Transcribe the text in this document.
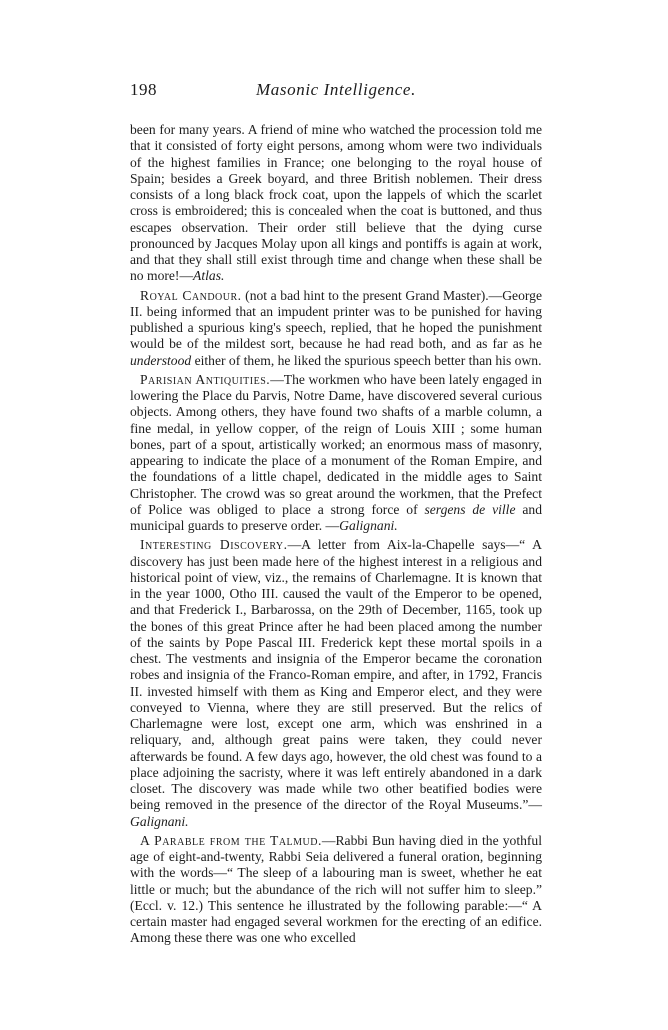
198	Masonic Intelligence.

been for many years. A friend of mine who watched the procession told me that it consisted of forty eight persons, among whom were two individuals of the highest families in France; one belonging to the royal house of Spain; besides a Greek boyard, and three British noblemen. Their dress consists of a long black frock coat, upon the lappels of which the scarlet cross is embroidered; this is concealed when the coat is buttoned, and thus escapes observation. Their order still believe that the dying curse pronounced by Jacques Molay upon all kings and pontiffs is again at work, and that they shall still exist through time and change when these shall be no more!—Atlas.

Royal Candour. (not a bad hint to the present Grand Master).—George II. being informed that an impudent printer was to be punished for having published a spurious king's speech, replied, that he hoped the punishment would be of the mildest sort, because he had read both, and as far as he understood either of them, he liked the spurious speech better than his own.

Parisian Antiquities.—The workmen who have been lately engaged in lowering the Place du Parvis, Notre Dame, have discovered several curious objects. Among others, they have found two shafts of a marble column, a fine medal, in yellow copper, of the reign of Louis XIII ; some human bones, part of a spout, artistically worked; an enormous mass of masonry, appearing to indicate the place of a monument of the Roman Empire, and the foundations of a little chapel, dedicated in the middle ages to Saint Christopher. The crowd was so great around the workmen, that the Prefect of Police was obliged to place a strong force of sergens de ville and municipal guards to preserve order. —Galignani.

Interesting Discovery.—A letter from Aix-la-Chapelle says—“ A discovery has just been made here of the highest interest in a religious and historical point of view, viz., the remains of Charlemagne. It is known that in the year 1000, Otho III. caused the vault of the Emperor to be opened, and that Frederick I., Barbarossa, on the 29th of December, 1165, took up the bones of this great Prince after he had been placed among the number of the saints by Pope Pascal III. Frederick kept these mortal spoils in a chest. The vestments and insignia of the Emperor became the coronation robes and insignia of the Franco-Roman empire, and after, in 1792, Francis II. invested himself with them as King and Emperor elect, and they were conveyed to Vienna, where they are still preserved. But the relics of Charlemagne were lost, except one arm, which was enshrined in a reliquary, and, although great pains were taken, they could never afterwards be found. A few days ago, however, the old chest was found to a place adjoining the sacristy, where it was left entirely abandoned in a dark closet. The discovery was made while two other beatified bodies were being removed in the presence of the director of the Royal Museums.”— Galignani.

A Parable from the Talmud.—Rabbi Bun having died in the yothful age of eight-and-twenty, Rabbi Seia delivered a funeral oration, beginning with the words—“ The sleep of a labouring man is sweet, whether he eat little or much; but the abundance of the rich will not suffer him to sleep.” (Eccl. v. 12.) This sentence he illustrated by the following parable:—“ A certain master had engaged several workmen for the erecting of an edifice. Among these there was one who excelled
